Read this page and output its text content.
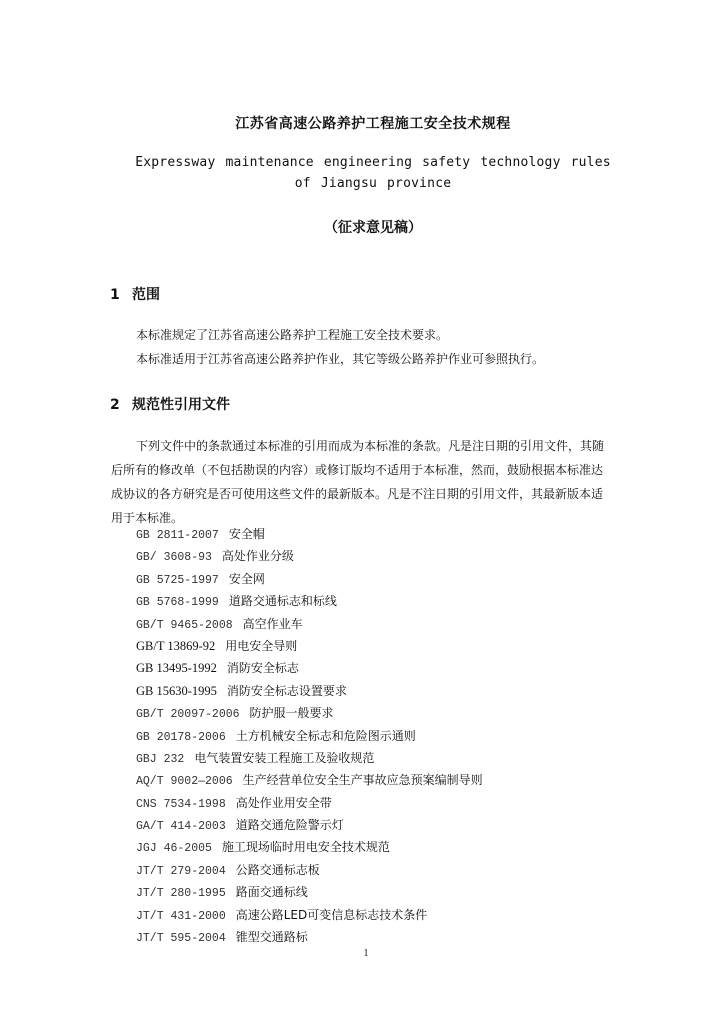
江苏省高速公路养护工程施工安全技术规程
Expressway maintenance engineering safety technology rules
of Jiangsu province
（征求意见稿）
1 范围
本标准规定了江苏省高速公路养护工程施工安全技术要求。
本标准适用于江苏省高速公路养护作业，其它等级公路养护作业可参照执行。
2 规范性引用文件
下列文件中的条款通过本标准的引用而成为本标准的条款。凡是注日期的引用文件，其随后所有的修改单（不包括勘误的内容）或修订版均不适用于本标准，然而，鼓励根据本标准达成协议的各方研究是否可使用这些文件的最新版本。凡是不注日期的引用文件，其最新版本适用于本标准。
GB 2811-2007 安全帽
GB/ 3608-93 高处作业分级
GB 5725-1997 安全网
GB 5768-1999 道路交通标志和标线
GB/T 9465-2008 高空作业车
GB/T 13869-92 用电安全导则
GB 13495-1992 消防安全标志
GB 15630-1995 消防安全标志设置要求
GB/T 20097-2006 防护服一般要求
GB 20178-2006 土方机械安全标志和危险图示通则
GBJ 232 电气装置安装工程施工及验收规范
AQ/T 9002—2006 生产经营单位安全生产事故应急预案编制导则
CNS 7534-1998 高处作业用安全带
GA/T 414-2003 道路交通危险警示灯
JGJ 46-2005 施工现场临时用电安全技术规范
JT/T 279-2004 公路交通标志板
JT/T 280-1995 路面交通标线
JT/T 431-2000 高速公路LED可变信息标志技术条件
JT/T 595-2004 锥型交通路标
1
